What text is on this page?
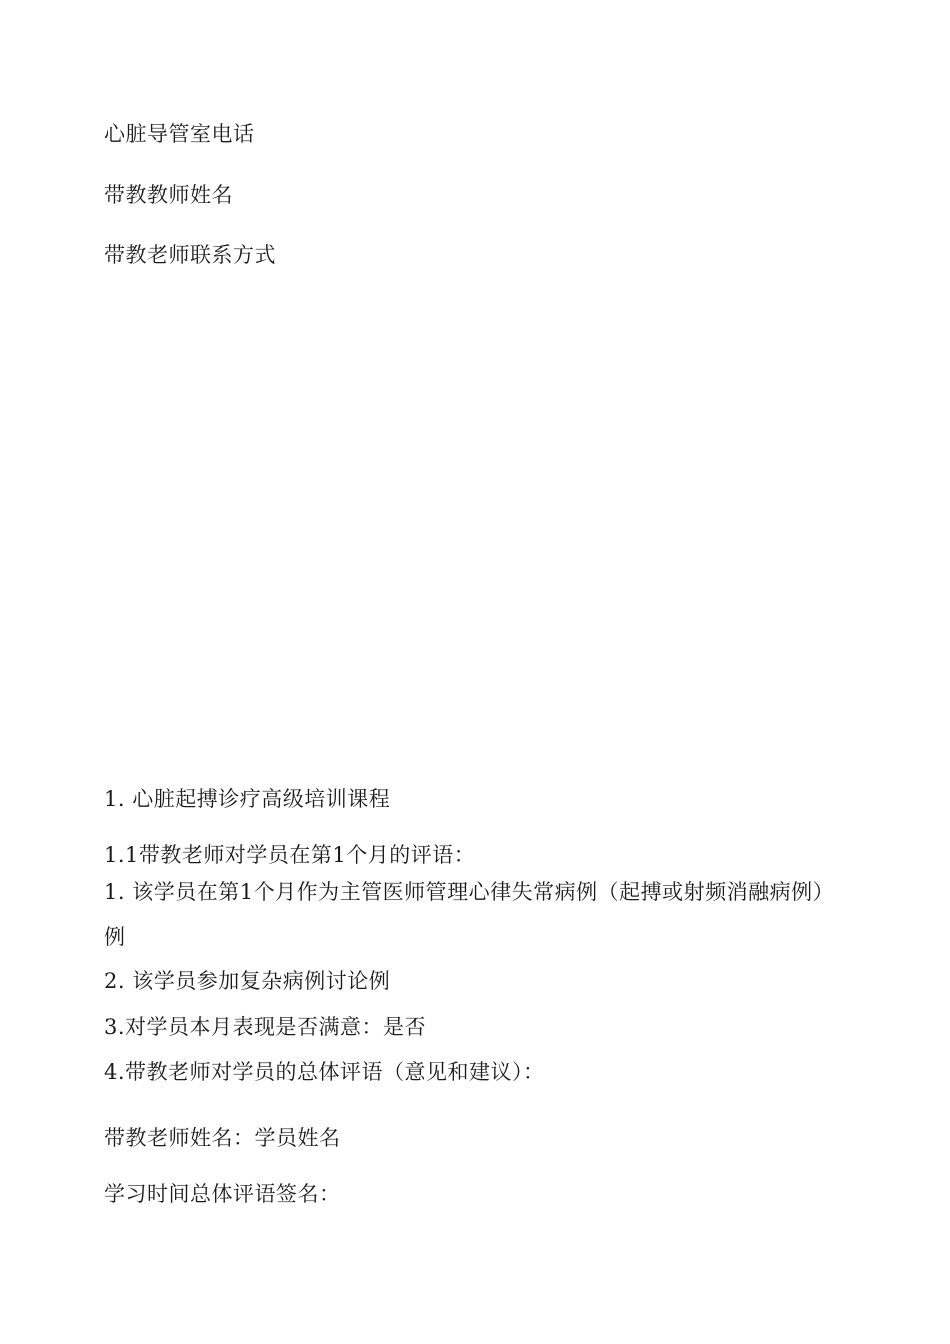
心脏导管室电话
带教教师姓名
带教老师联系方式
1. 心脏起搏诊疗高级培训课程
1.1带教老师对学员在第1个月的评语：
1. 该学员在第1个月作为主管医师管理心律失常病例（起搏或射频消融病例）
例
2. 该学员参加复杂病例讨论例
3.对学员本月表现是否满意：是否
4.带教老师对学员的总体评语（意见和建议）：
带教老师姓名：学员姓名
学习时间总体评语签名：
